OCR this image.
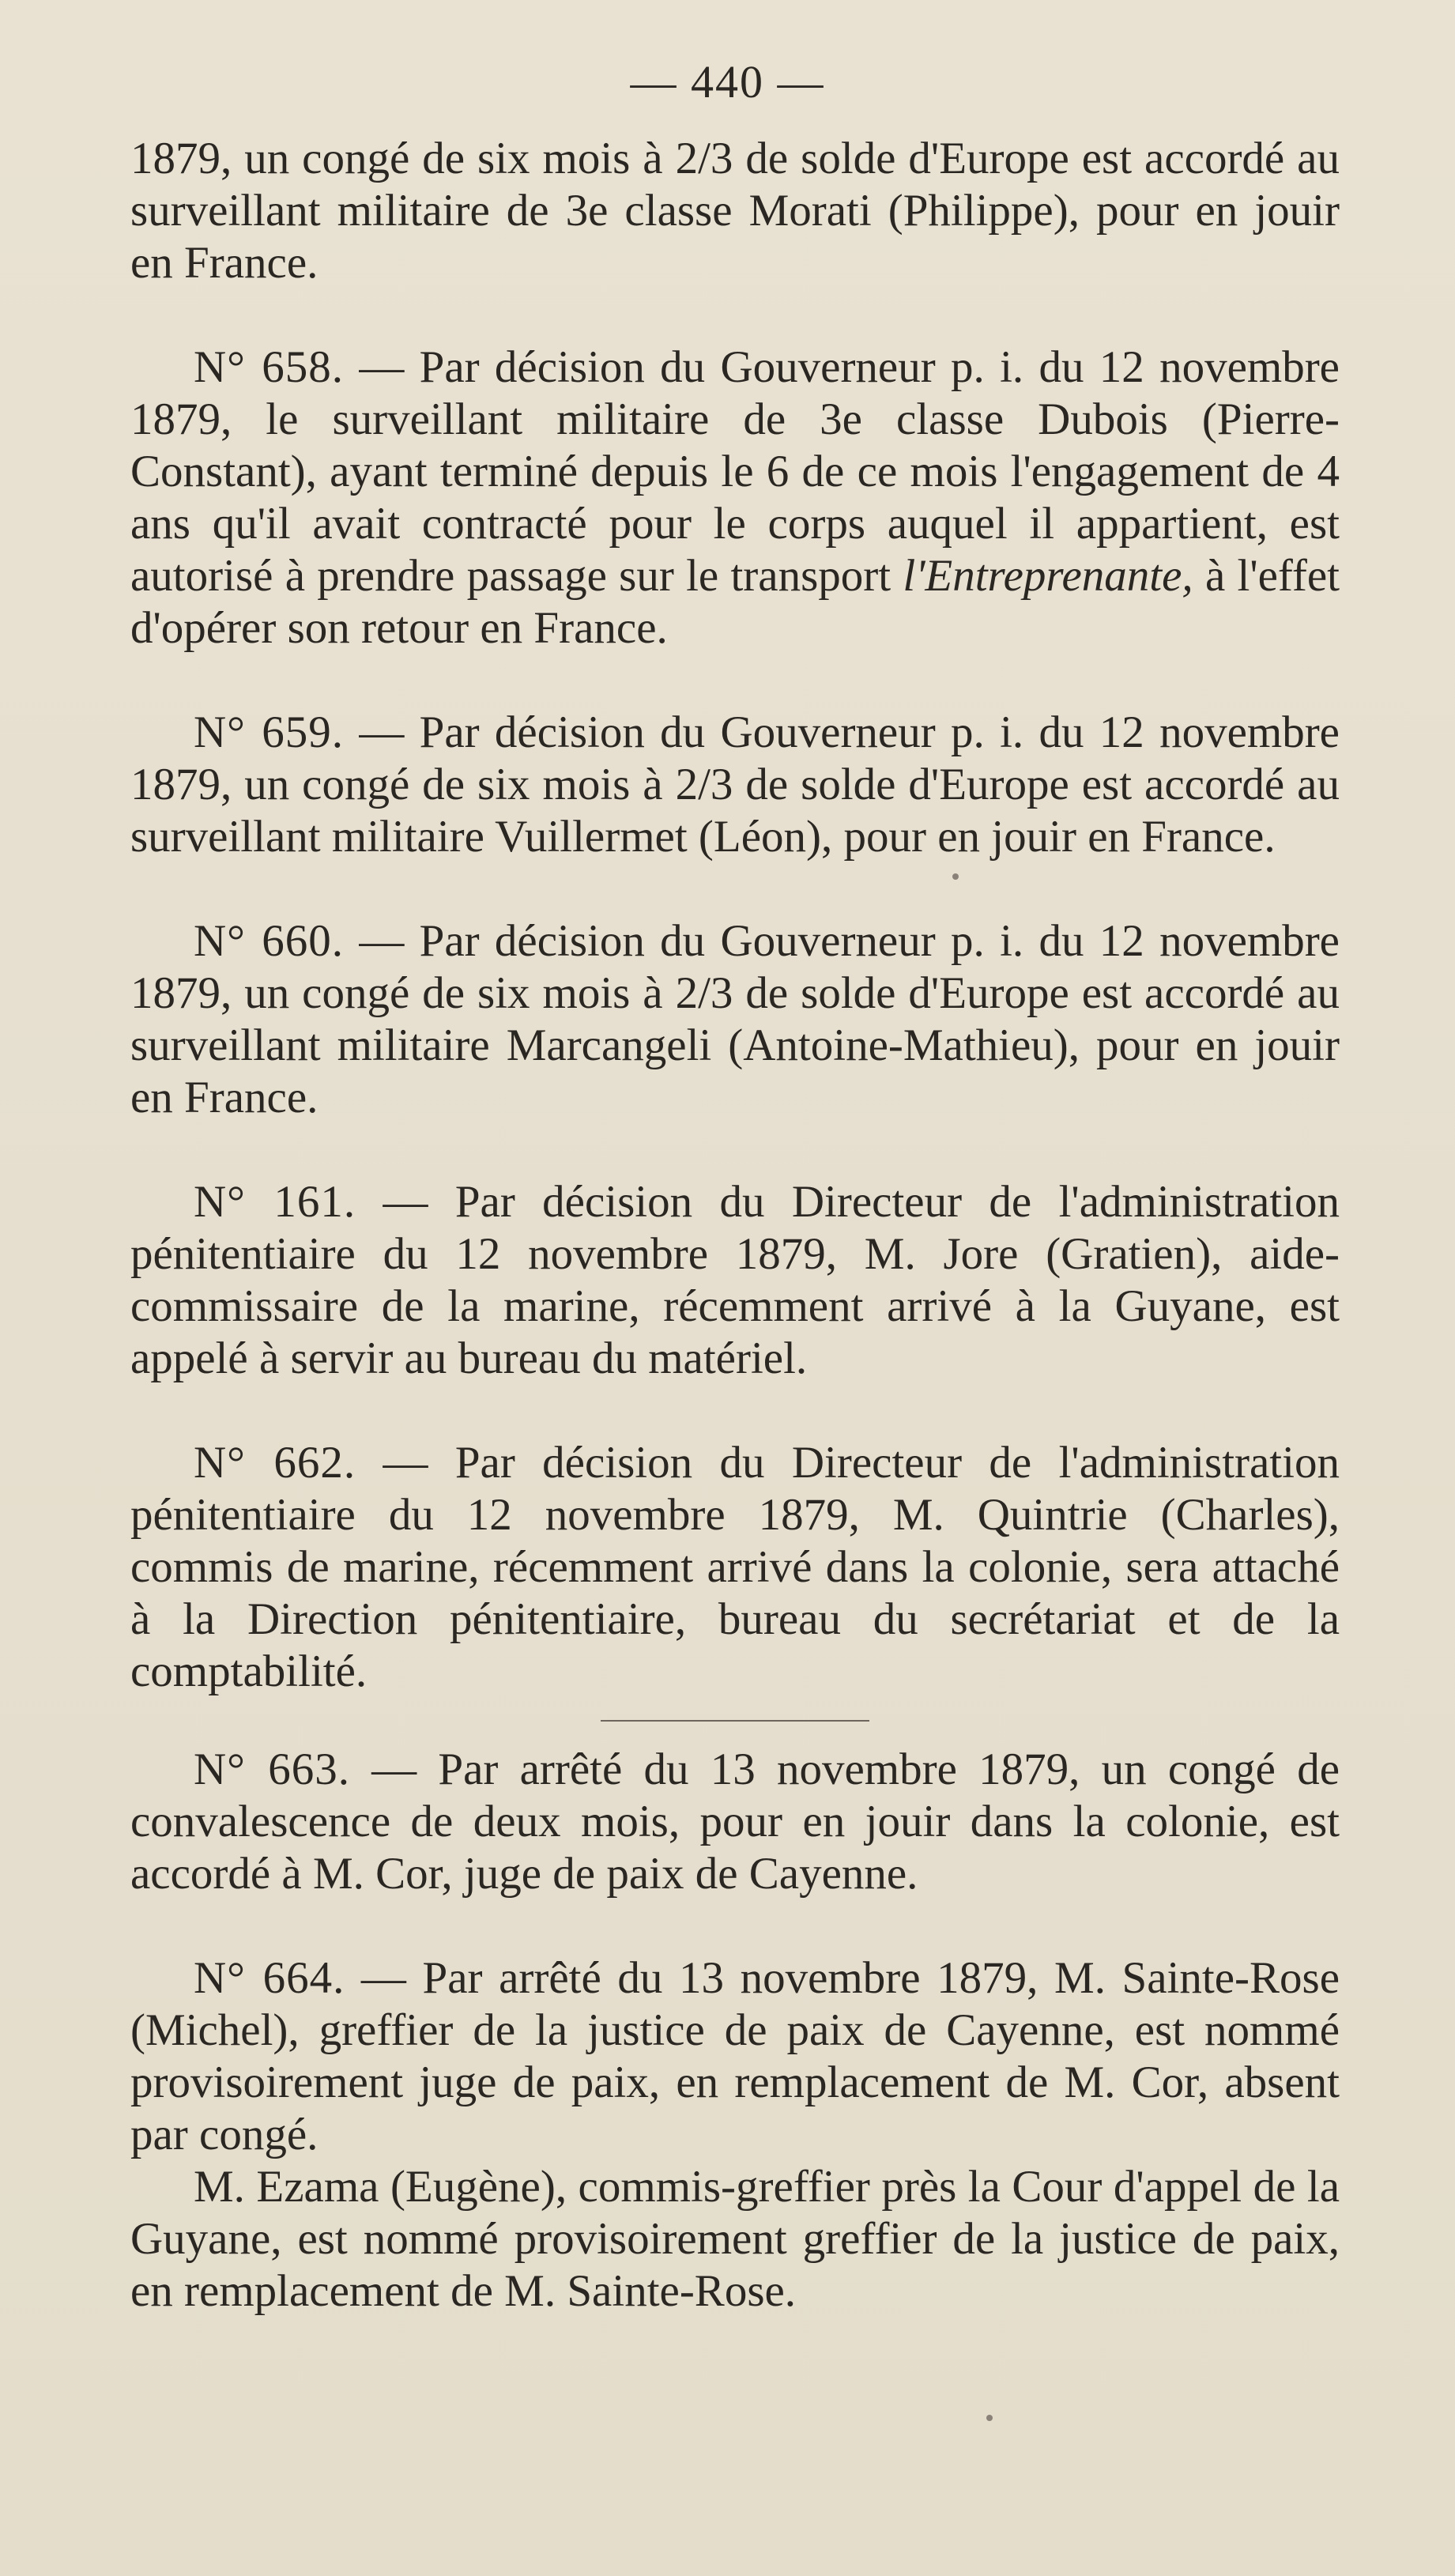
— 440 —

1879, un congé de six mois à 2/3 de solde d'Europe est accordé au surveillant militaire de 3e classe Morati (Philippe), pour en jouir en France.

N° 658. — Par décision du Gouverneur p. i. du 12 novembre 1879, le surveillant militaire de 3e classe Dubois (Pierre-Constant), ayant terminé depuis le 6 de ce mois l'engagement de 4 ans qu'il avait contracté pour le corps auquel il appartient, est autorisé à prendre passage sur le transport l'Entreprenante, à l'effet d'opérer son retour en France.

N° 659. — Par décision du Gouverneur p. i. du 12 novembre 1879, un congé de six mois à 2/3 de solde d'Europe est accordé au surveillant militaire Vuillermet (Léon), pour en jouir en France.

N° 660. — Par décision du Gouverneur p. i. du 12 novembre 1879, un congé de six mois à 2/3 de solde d'Europe est accordé au surveillant militaire Marcangeli (Antoine-Mathieu), pour en jouir en France.

N° 161. — Par décision du Directeur de l'administration pénitentiaire du 12 novembre 1879, M. Jore (Gratien), aide-commissaire de la marine, récemment arrivé à la Guyane, est appelé à servir au bureau du matériel.

N° 662. — Par décision du Directeur de l'administration pénitentiaire du 12 novembre 1879, M. Quintrie (Charles), commis de marine, récemment arrivé dans la colonie, sera attaché à la Direction pénitentiaire, bureau du secrétariat et de la comptabilité.

N° 663. — Par arrêté du 13 novembre 1879, un congé de convalescence de deux mois, pour en jouir dans la colonie, est accordé à M. Cor, juge de paix de Cayenne.

N° 664. — Par arrêté du 13 novembre 1879, M. Sainte-Rose (Michel), greffier de la justice de paix de Cayenne, est nommé provisoirement juge de paix, en remplacement de M. Cor, absent par congé.

M. Ezama (Eugène), commis-greffier près la Cour d'appel de la Guyane, est nommé provisoirement greffier de la justice de paix, en remplacement de M. Sainte-Rose.
